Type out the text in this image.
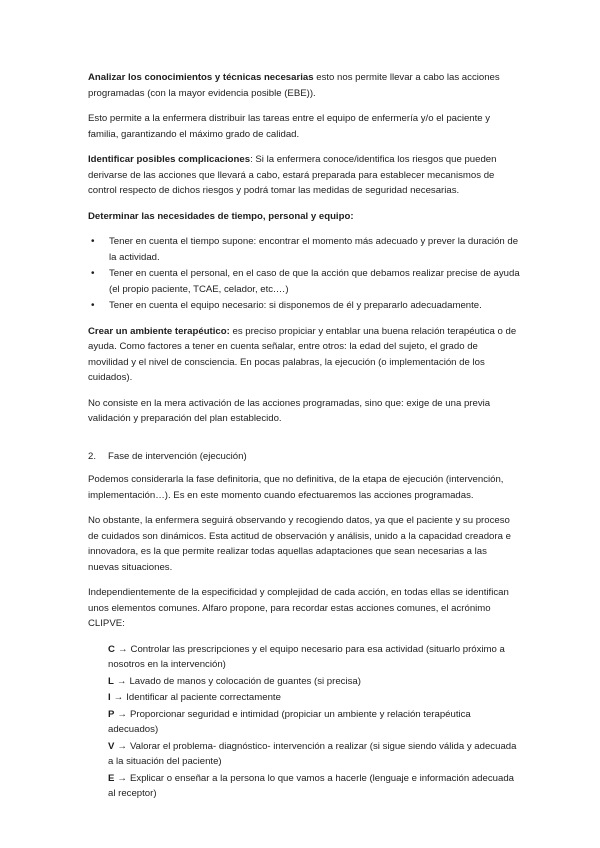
Analizar los conocimientos y técnicas necesarias esto nos permite llevar a cabo las acciones programadas (con la mayor evidencia posible (EBE)).

Esto permite a la enfermera distribuir las tareas entre el equipo de enfermería y/o el paciente y familia, garantizando el máximo grado de calidad.

Identificar posibles complicaciones: Si la enfermera conoce/identifica los riesgos que pueden derivarse de las acciones que llevará a cabo, estará preparada para establecer mecanismos de control respecto de dichos riesgos y podrá tomar las medidas de seguridad necesarias.

Determinar las necesidades de tiempo, personal y equipo:

• Tener en cuenta el tiempo supone: encontrar el momento más adecuado y prever la duración de la actividad.
• Tener en cuenta el personal, en el caso de que la acción que debamos realizar precise de ayuda (el propio paciente, TCAE, celador, etc.…)
• Tener en cuenta el equipo necesario: si disponemos de él y prepararlo adecuadamente.

Crear un ambiente terapéutico: es preciso propiciar y entablar una buena relación terapéutica o de ayuda. Como factores a tener en cuenta señalar, entre otros: la edad del sujeto, el grado de movilidad y el nivel de consciencia. En pocas palabras, la ejecución (o implementación de los cuidados).

No consiste en la mera activación de las acciones programadas, sino que: exige de una previa validación y preparación del plan establecido.

2. Fase de intervención (ejecución)

Podemos considerarla la fase definitoria, que no definitiva, de la etapa de ejecución (intervención, implementación…). Es en este momento cuando efectuaremos las acciones programadas.

No obstante, la enfermera seguirá observando y recogiendo datos, ya que el paciente y su proceso de cuidados son dinámicos. Esta actitud de observación y análisis, unido a la capacidad creadora e innovadora, es la que permite realizar todas aquellas adaptaciones que sean necesarias a las nuevas situaciones.

Independientemente de la especificidad y complejidad de cada acción, en todas ellas se identifican unos elementos comunes. Alfaro propone, para recordar estas acciones comunes, el acrónimo CLIPVE:

C → Controlar las prescripciones y el equipo necesario para esa actividad (situarlo próximo a nosotros en la intervención)
L → Lavado de manos y colocación de guantes (si precisa)
I → Identificar al paciente correctamente
P → Proporcionar seguridad e intimidad (propiciar un ambiente y relación terapéutica adecuados)
V → Valorar el problema- diagnóstico- intervención a realizar (si sigue siendo válida y adecuada a la situación del paciente)
E → Explicar o enseñar a la persona lo que vamos a hacerle (lenguaje e información adecuada al receptor)
